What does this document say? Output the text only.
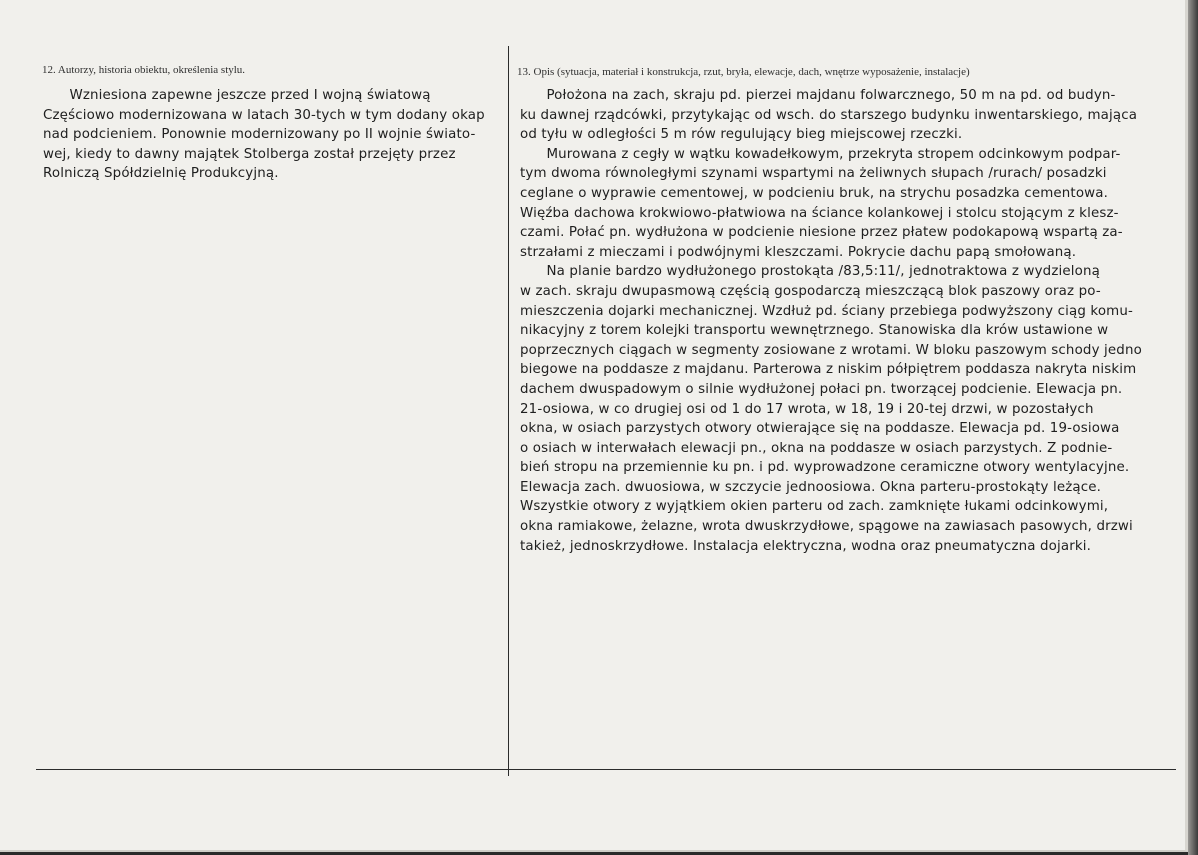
12. Autorzy, historia obiektu, określenia stylu.	13. Opis (sytuacja, materiał i konstrukcja, rzut, bryła, elewacje, dach, wnętrze wyposażenie, instalacje)
Wzniesiona zapewne jeszcze przed I wojną światową
Częściowo modernizowana w latach 30-tych w tym dodany okap
nad podcieniem. Ponownie modernizowany po II wojnie świato-
wej, kiedy to dawny majątek Stolberga został przejęty przez
Rolniczą Spółdzielnię Produkcyjną.
Położona na zach, skraju pd. pierzei majdanu folwarcznego, 50 m na pd. od budyn-
ku dawnej rządcówki, przytykając od wsch. do starszego budynku inwentarskiego, mająca
od tyłu w odległości 5 m rów regulujący bieg miejscowej rzeczki.
Murowana z cegły w wątku kowadełkowym, przekryta stropem odcinkowym podpar-
tym dwoma równoległymi szynami wspartymi na żeliwnych słupach /rurach/ posadzki
ceglane o wyprawie cementowej, w podcieniu bruk, na strychu posadzka cementowa.
Więźba dachowa krokwiowo-płatwiowa na ściance kolankowej i stolcu stojącym z klesz-
czami. Połać pn. wydłużona w podcienie niesione przez płatew podokapową wspartą za-
strzałami z mieczami i podwójnymi kleszczami. Pokrycie dachu papą smołowaną.
Na planie bardzo wydłużonego prostokąta /83,5:11/, jednotraktowa z wydzieloną
w zach. skraju dwupasmową częścią gospodarczą mieszczącą blok paszowy oraz po-
mieszczenia dojarki mechanicznej. Wzdłuż pd. ściany przebiega podwyższony ciąg komu-
nikacyjny z torem kolejki transportu wewnętrznego. Stanowiska dla krów ustawione w
poprzecznych ciągach w segmenty zosiowane z wrotami. W bloku paszowym schody jedno
biegowe na poddasze z majdanu. Parterowa z niskim półpiętrem poddasza nakryta niskim
dachem dwuspadowym o silnie wydłużonej połaci pn. tworzącej podcienie. Elewacja pn.
21-osiowa, w co drugiej osi od 1 do 17 wrota, w 18, 19 i 20-tej drzwi, w pozostałych
okna, w osiach parzystych otwory otwierające się na poddasze. Elewacja pd. 19-osiowa
o osiach w interwałach elewacji pn., okna na poddasze w osiach parzystych. Z podnie-
bień stropu na przemiennie ku pn. i pd. wyprowadzone ceramiczne otwory wentylacyjne.
Elewacja zach. dwuosiowa, w szczycie jednoosiowa. Okna parteru-prostokąty leżące.
Wszystkie otwory z wyjątkiem okien parteru od zach. zamknięte łukami odcinkowymi,
okna ramiakowe, żelazne, wrota dwuskrzydłowe, spągowe na zawiasach pasowych, drzwi
takież, jednoskrzydłowe. Instalacja elektryczna, wodna oraz pneumatyczna dojarki.
